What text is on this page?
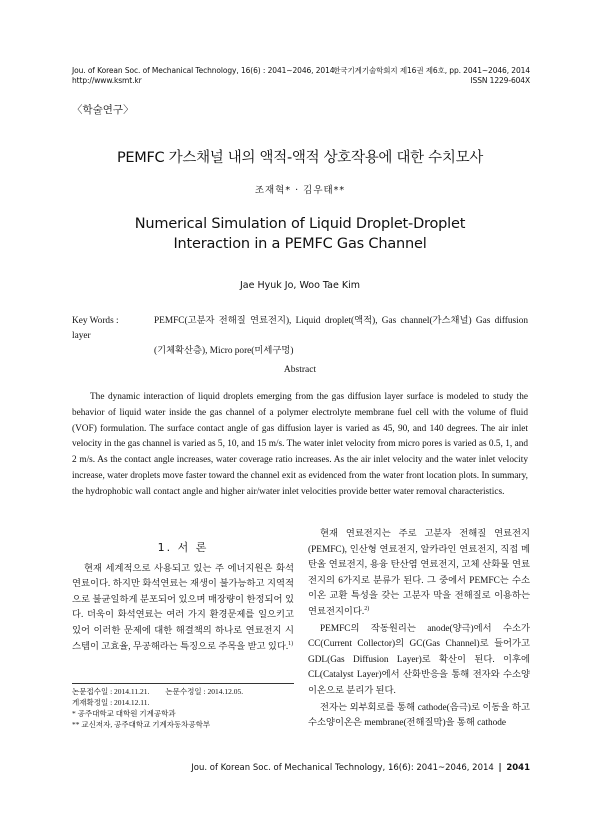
Jou. of Korean Soc. of Mechanical Technology, 16(6) : 2041~2046, 2014
http://www.ksmt.kr
한국기계기술학회지 제16권 제6호, pp. 2041~2046, 2014
ISSN 1229-604X
〈학술연구〉
PEMFC 가스채널 내의 액적-액적 상호작용에 대한 수치모사
조재혁* · 김우태**
Numerical Simulation of Liquid Droplet-Droplet
Interaction in a PEMFC Gas Channel
Jae Hyuk Jo, Woo Tae Kim
Key Words :	PEMFC(고분자 전해질 연료전지), Liquid droplet(액적), Gas channel(가스채널) Gas diffusion layer
(기체확산층), Micro pore(미세구멍)
Abstract

The dynamic interaction of liquid droplets emerging from the gas diffusion layer surface is modeled to study the behavior of liquid water inside the gas channel of a polymer electrolyte membrane fuel cell with the volume of fluid (VOF) formulation. The surface contact angle of gas diffusion layer is varied as 45, 90, and 140 degrees. The air inlet velocity in the gas channel is varied as 5, 10, and 15 m/s. The water inlet velocity from micro pores is varied as 0.5, 1, and 2 m/s. As the contact angle increases, water coverage ratio increases. As the air inlet velocity and the water inlet velocity increase, water droplets move faster toward the channel exit as evidenced from the water front location plots. In summary, the hydrophobic wall contact angle and higher air/water inlet velocities provide better water removal characteristics.

1. 서 론

현재 세계적으로 사용되고 있는 주 에너지원은 화석연료이다. 하지만 화석연료는 재생이 불가능하고 지역적으로 불균일하게 분포되어 있으며 매장량이 한정되어 있다. 더욱이 화석연료는 여러 가지 환경문제를 일으키고 있어 이러한 문제에 대한 해결책의 하나로 연료전지 시스템이 고효율, 무공해라는 특징으로 주목을 받고 있다.$^{1)}$

현재 연료전지는 주로 고분자 전해질 연료전지(PEMFC), 인산형 연료전지, 알카라인 연료전지, 직접 메탄올 연료전지, 용융 탄산염 연료전지, 고체 산화물 연료전지의 6가지로 분류가 된다. 그 중에서 PEMFC는 수소이온 교환 특성을 갖는 고분자 막을 전해질로 이용하는 연료전지이다.$^{2)}$

PEMFC의 작동원리는 anode(양극)에서 수소가 CC(Current Collector)의 GC(Gas Channel)로 들어가고 GDL(Gas Diffusion Layer)로 확산이 된다. 이후에 CL(Catalyst Layer)에서 산화반응을 통해 전자와 수소양이온으로 분리가 된다.

전자는 외부회로를 통해 cathode(음극)로 이동을 하고 수소양이온은 membrane(전해질막)을 통해 cathode

논문접수일 : 2014.11.21. 논문수정일 : 2014.12.05.
게재확정일 : 2014.12.11.
* 공주대학교 대학원 기계공학과
** 교신저자, 공주대학교 기계자동차공학부
Jou. of Korean Soc. of Mechanical Technology, 16(6): 2041~2046, 2014 | 2041
